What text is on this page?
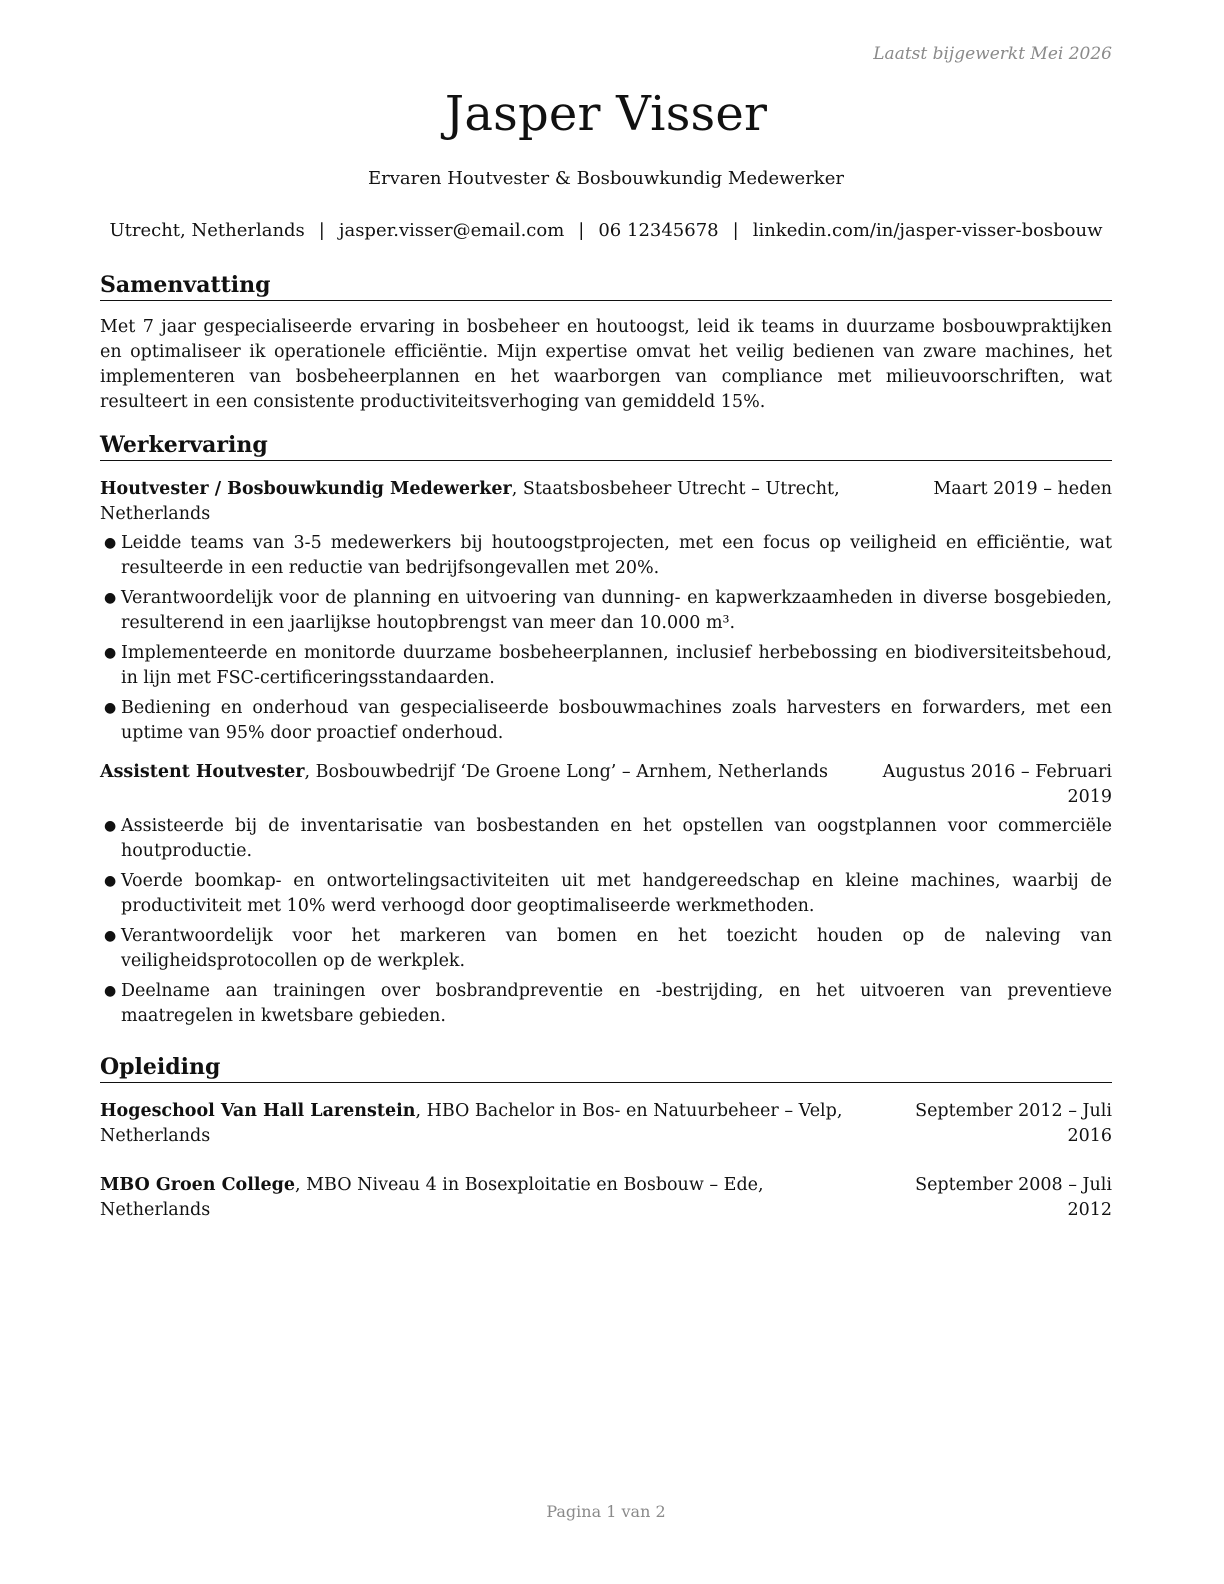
Laatst bijgewerkt Mei 2026
Jasper Visser
Ervaren Houtvester & Bosbouwkundig Medewerker
Utrecht, Netherlands | jasper.visser@email.com | 06 12345678 | linkedin.com/in/jasper-visser-bosbouw
Samenvatting
Met 7 jaar gespecialiseerde ervaring in bosbeheer en houtoogst, leid ik teams in duurzame bosbouwpraktijken en optimaliseer ik operationele efficiëntie. Mijn expertise omvat het veilig bedienen van zware machines, het implementeren van bosbeheerplannen en het waarborgen van compliance met milieuvoorschriften, wat resulteert in een consistente productiviteitsverhoging van gemiddeld 15%.
Werkervaring
Houtvester / Bosbouwkundig Medewerker, Staatsbosbeheer Utrecht – Utrecht, Netherlands
Maart 2019 – heden
● Leidde teams van 3-5 medewerkers bij houtoogstprojecten, met een focus op veiligheid en efficiëntie, wat resulteerde in een reductie van bedrijfsongevallen met 20%.
● Verantwoordelijk voor de planning en uitvoering van dunning- en kapwerkzaamheden in diverse bosgebieden, resulterend in een jaarlijkse houtopbrengst van meer dan 10.000 m³.
● Implementeerde en monitorde duurzame bosbeheerplannen, inclusief herbebossing en biodiversiteitsbehoud, in lijn met FSC-certificeringsstandaarden.
● Bediening en onderhoud van gespecialiseerde bosbouwmachines zoals harvesters en forwarders, met een uptime van 95% door proactief onderhoud.
Assistent Houtvester, Bosbouwbedrijf ‘De Groene Long’ – Arnhem, Netherlands	Augustus 2016 – Februari 2019
● Assisteerde bij de inventarisatie van bosbestanden en het opstellen van oogstplannen voor commerciële houtproductie.
● Voerde boomkap- en ontwortelingsactiviteiten uit met handgereedschap en kleine machines, waarbij de productiviteit met 10% werd verhoogd door geoptimaliseerde werkmethoden.
● Verantwoordelijk voor het markeren van bomen en het toezicht houden op de naleving van veiligheidsprotocollen op de werkplek.
● Deelname aan trainingen over bosbrandpreventie en -bestrijding, en het uitvoeren van preventieve maatregelen in kwetsbare gebieden.
Opleiding
Hogeschool Van Hall Larenstein, HBO Bachelor in Bos- en Natuurbeheer – Velp, Netherlands
September 2012 – Juli 2016
MBO Groen College, MBO Niveau 4 in Bosexploitatie en Bosbouw – Ede, Netherlands
September 2008 – Juli 2012
Pagina 1 van 2
